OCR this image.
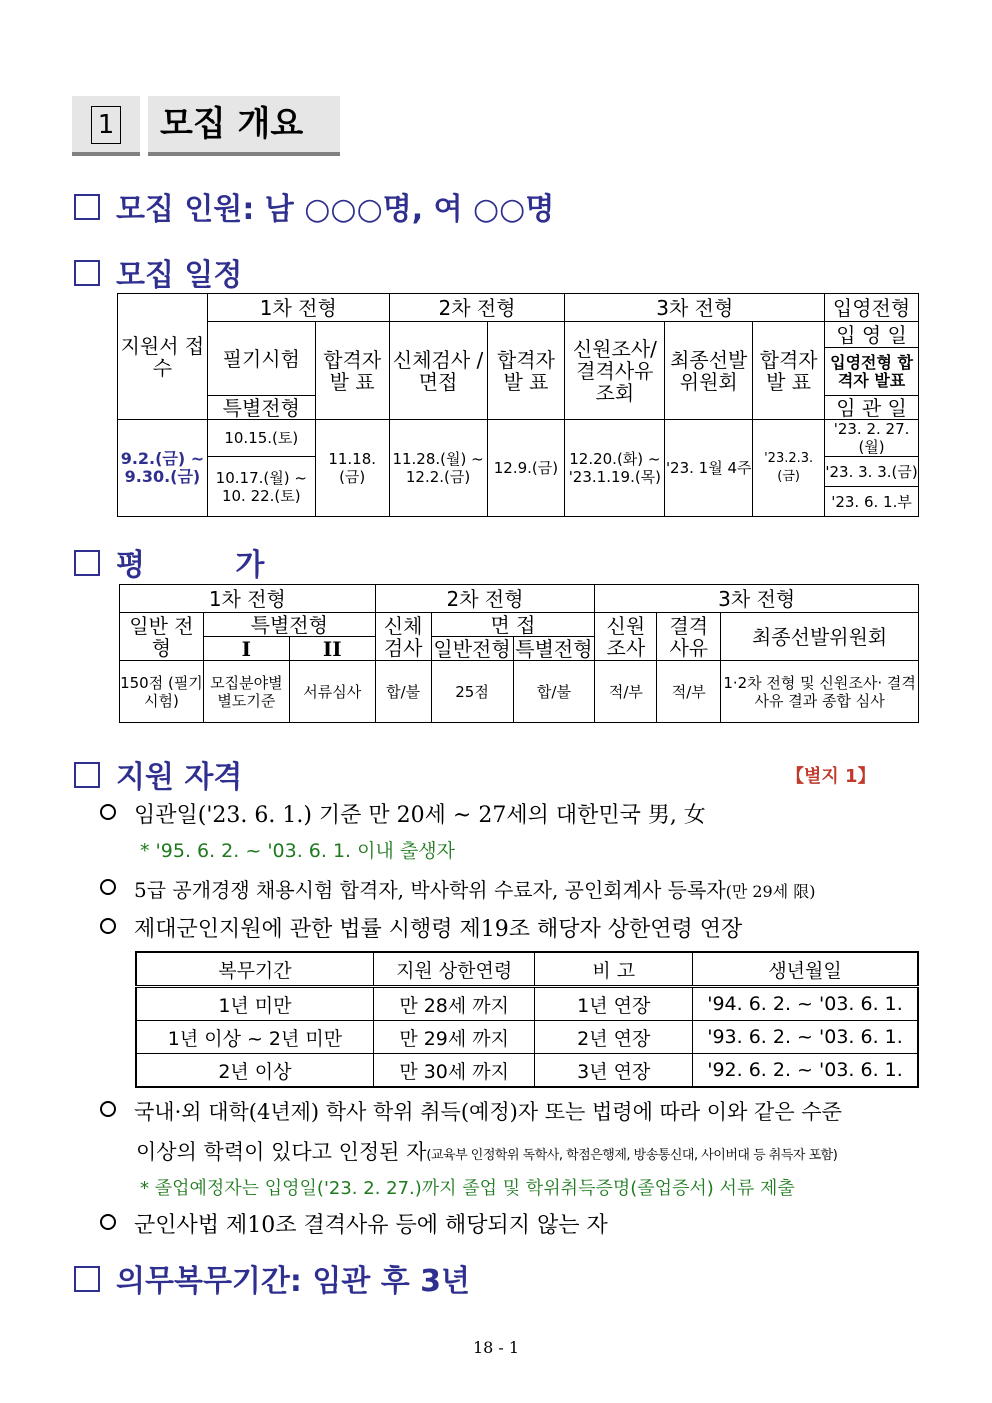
1	모집 개요
모집 인원: 남 ○○○명, 여 ○○명
모집 일정
지원서 접 수	1차 전형		2차 전형		3차 전형			입영전형
	필기시험	합격자 발 표	신체검사 /면접	합격자 발 표	신원조사/ 결격사유 조회	최종선발 위원회	합격자 발 표	입 영 일
								입영전형 합격자 발표
	특별전형							임 관 일
9.2.(금) ~ 9.30.(금)	10.15.(토)	11.18.(금)	11.28.(월) ~ 12.2.(금)	12.9.(금)	12.20.(화) ~ '23.1.19.(목)	'23. 1월 4주	'23.2.3.(금)	'23. 2. 27.(월)
	10.17.(월) ~ 10. 22.(토)							'23. 3. 3.(금)
								'23. 6. 1.부
평 가
1차 전형			2차 전형			3차 전형		
일반 전형	특별전형		신체 검사	면 접		신원 조사	결격 사유	최종선발위원회
	I	II		일반전형	특별전형			
150점 (필기시험)	모집분야별 별도기준	서류심사	합/불	25점	합/불	적/부	적/부	1·2차 전형 및 신원조사· 결격사유 결과 종합 심사
지원 자격	【별지 1】
임관일('23. 6. 1.) 기준 만 20세 ~ 27세의 대한민국 男, 女
* '95. 6. 2. ~ '03. 6. 1. 이내 출생자
5급 공개경쟁 채용시험 합격자, 박사학위 수료자, 공인회계사 등록자(만 29세 限)
제대군인지원에 관한 법률 시행령 제19조 해당자 상한연령 연장
복무기간	지원 상한연령	비 고	생년월일
1년 미만	만 28세 까지	1년 연장	'94. 6. 2. ~ '03. 6. 1.
1년 이상 ~ 2년 미만	만 29세 까지	2년 연장	'93. 6. 2. ~ '03. 6. 1.
2년 이상	만 30세 까지	3년 연장	'92. 6. 2. ~ '03. 6. 1.
국내·외 대학(4년제) 학사 학위 취득(예정)자 또는 법령에 따라 이와 같은 수준
이상의 학력이 있다고 인정된 자(교육부 인정학위 독학사, 학점은행제, 방송통신대, 사이버대 등 취득자 포함)
* 졸업예정자는 입영일('23. 2. 27.)까지 졸업 및 학위취득증명(졸업증서) 서류 제출
군인사법 제10조 결격사유 등에 해당되지 않는 자
의무복무기간: 임관 후 3년
18 - 1
